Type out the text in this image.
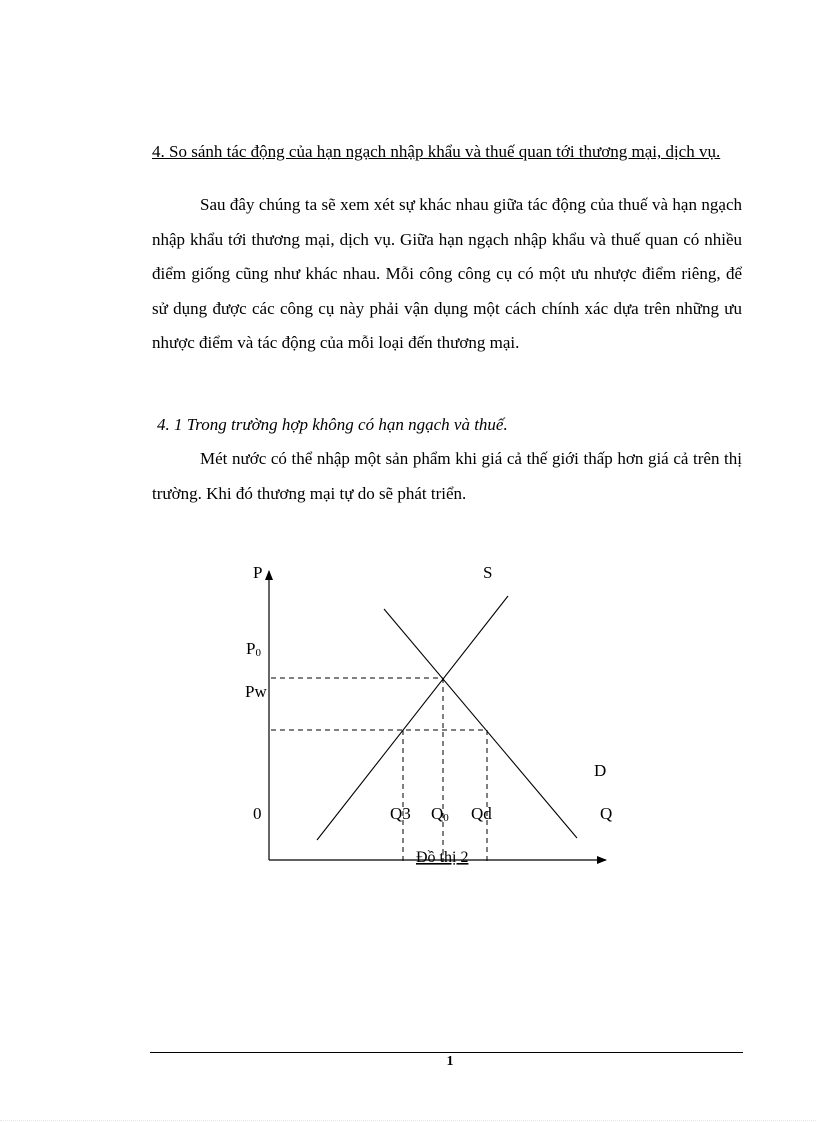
4. So sánh tác động của hạn ngạch nhập khẩu và thuế quan tới thương mại, dịch vụ.

Sau đây chúng ta sẽ xem xét sự khác nhau giữa tác động của thuế và hạn ngạch nhập khẩu tới thương mại, dịch vụ. Giữa hạn ngạch nhập khẩu và thuế quan có nhiều điểm giống cũng như khác nhau. Mỗi công công cụ có một ưu nhược điểm riêng, để sử dụng được các công cụ này phải vận dụng một cách chính xác dựa trên những ưu nhược điểm và tác động của mỗi loại đến thương mại.

4. 1 Trong trường hợp không có hạn ngạch và thuế.

Mét nước có thể nhập một sản phẩm khi giá cả thế giới thấp hơn giá cả trên thị trường. Khi đó thương mại tự do sẽ phát triển.

P	S
P0
Pw
D
0	Q3 Q0 Qd	Q
Đồ thị 2
1
